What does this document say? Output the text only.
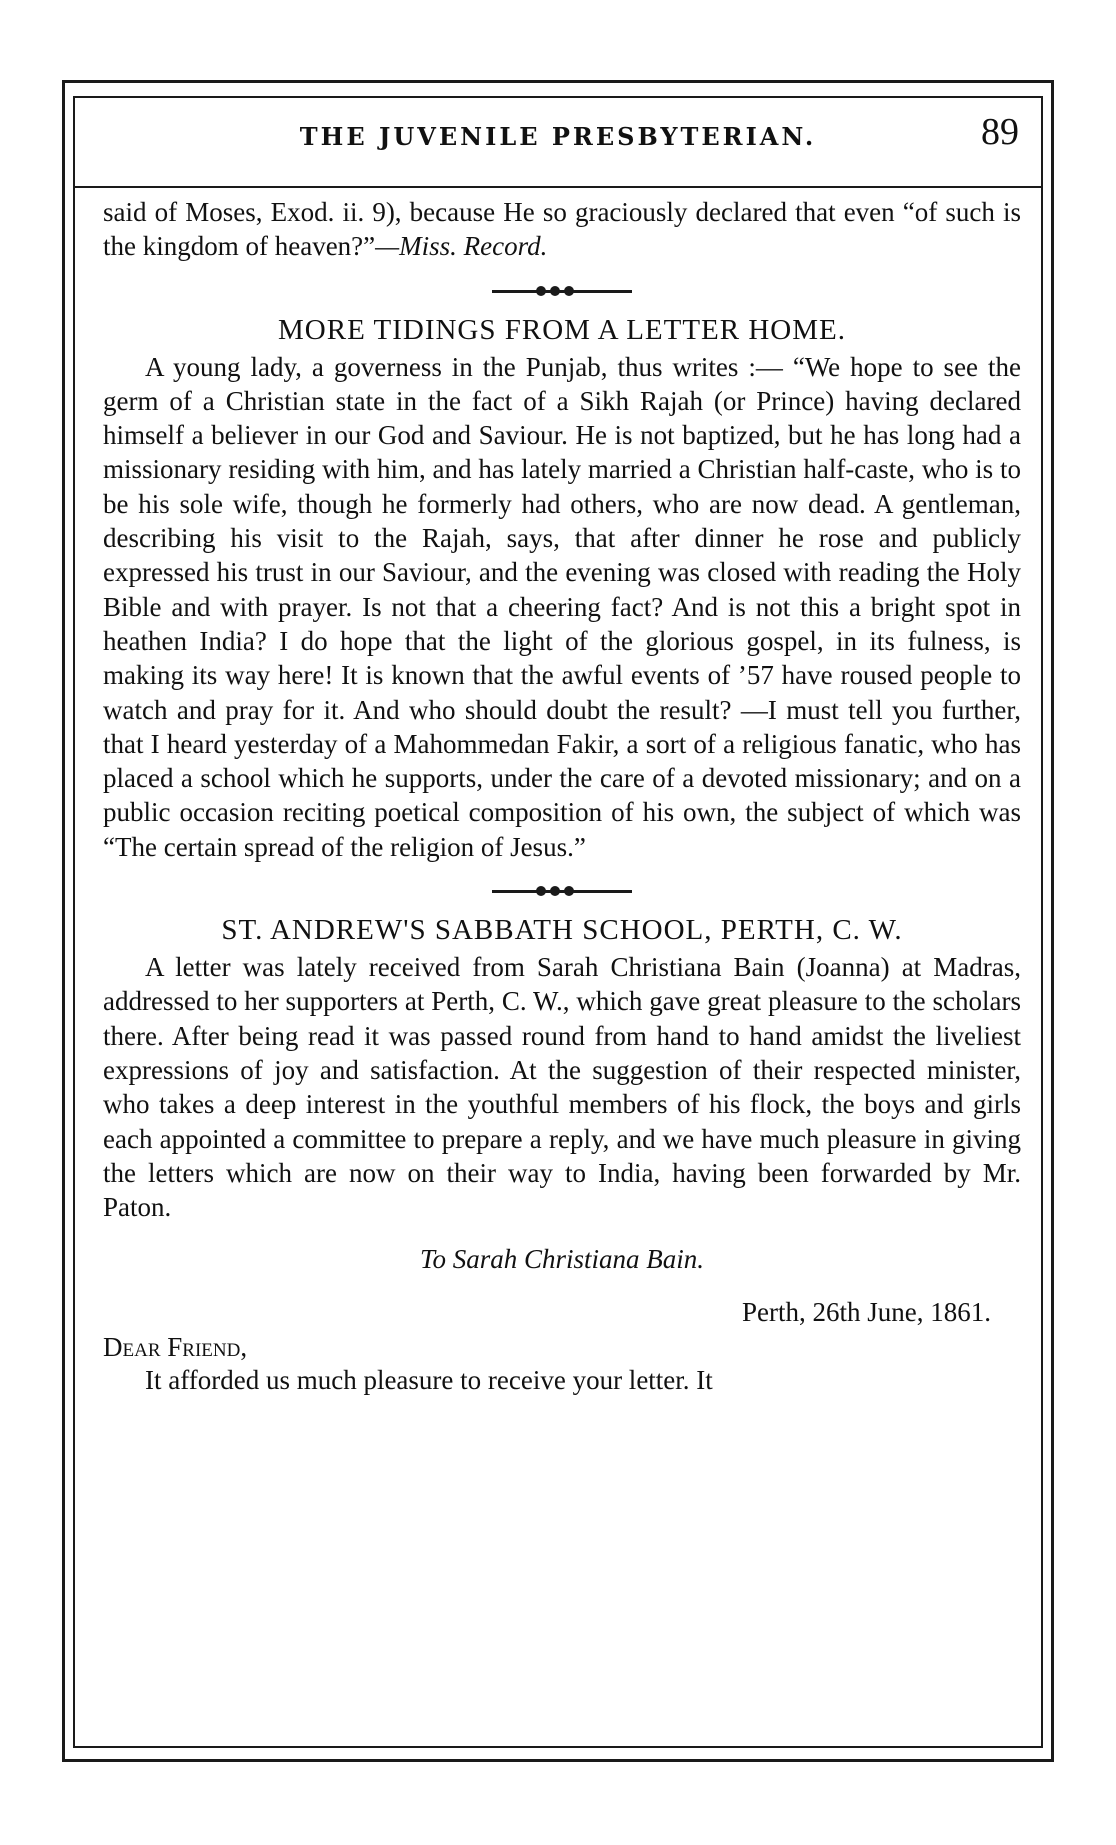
THE JUVENILE PRESBYTERIAN.	89

said of Moses, Exod. ii. 9), because He so graciously declared that even “of such is the kingdom of heaven?”—Miss. Record.

MORE TIDINGS FROM A LETTER HOME.

A young lady, a governess in the Punjab, thus writes :— “We hope to see the germ of a Christian state in the fact of a Sikh Rajah (or Prince) having declared himself a believer in our God and Saviour. He is not baptized, but he has long had a missionary residing with him, and has lately married a Christian half-caste, who is to be his sole wife, though he formerly had others, who are now dead. A gentleman, describing his visit to the Rajah, says, that after dinner he rose and publicly expressed his trust in our Saviour, and the evening was closed with reading the Holy Bible and with prayer. Is not that a cheering fact? And is not this a bright spot in heathen India? I do hope that the light of the glorious gospel, in its fulness, is making its way here! It is known that the awful events of ’57 have roused people to watch and pray for it. And who should doubt the result? —I must tell you further, that I heard yesterday of a Mahommedan Fakir, a sort of a religious fanatic, who has placed a school which he supports, under the care of a devoted missionary; and on a public occasion reciting poetical composition of his own, the subject of which was “The certain spread of the religion of Jesus.”

ST. ANDREW'S SABBATH SCHOOL, PERTH, C. W.

A letter was lately received from Sarah Christiana Bain (Joanna) at Madras, addressed to her supporters at Perth, C. W., which gave great pleasure to the scholars there. After being read it was passed round from hand to hand amidst the liveliest expressions of joy and satisfaction. At the suggestion of their respected minister, who takes a deep interest in the youthful members of his flock, the boys and girls each appointed a committee to prepare a reply, and we have much pleasure in giving the letters which are now on their way to India, having been forwarded by Mr. Paton.

To Sarah Christiana Bain.
Perth, 26th June, 1861.
Dear Friend,

It afforded us much pleasure to receive your letter. It
